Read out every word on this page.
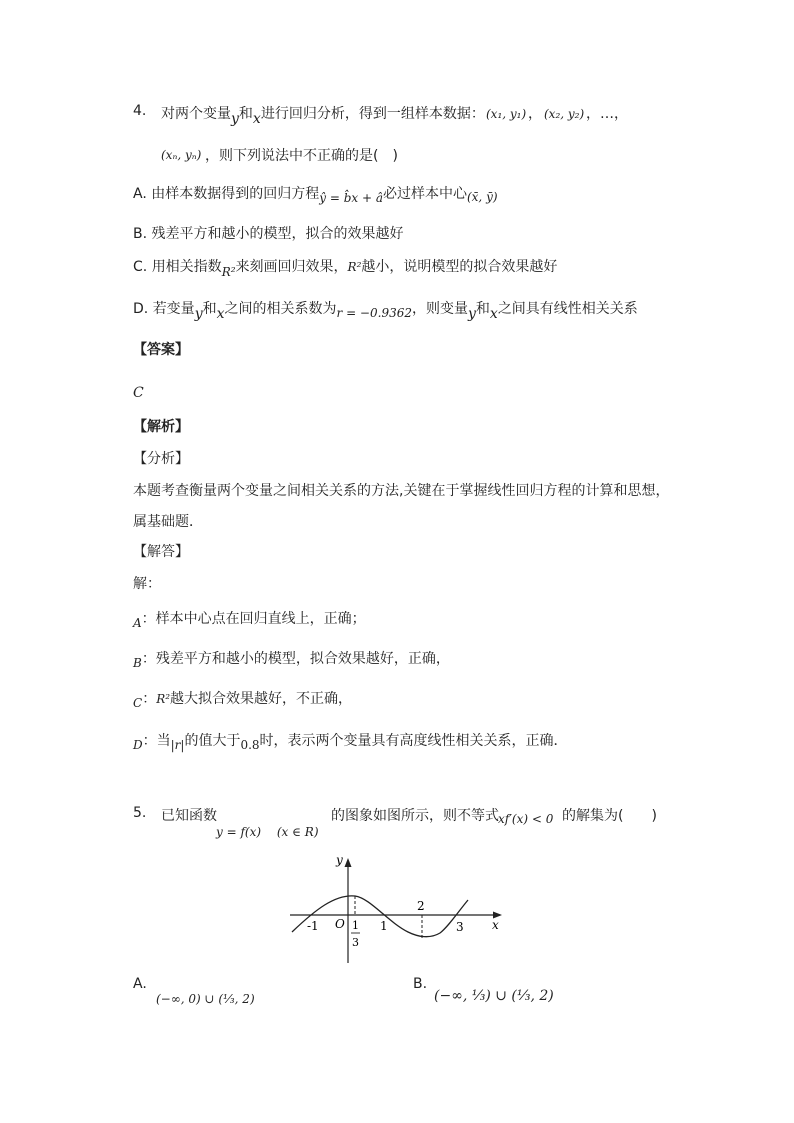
4. 对两个变量y和x进行回归分析，得到一组样本数据： (x₁, y₁) ， (x₂, y₂) ，…，
(xₙ, yₙ) ，则下列说法中不正确的是(　)
A. 由样本数据得到的回归方程ŷ = b̂x + â必过样本中心(x̄, ȳ)
B. 残差平方和越小的模型，拟合的效果越好
C. 用相关指数R²来刻画回归效果，R²越小，说明模型的拟合效果越好
D. 若变量y和x之间的相关系数为r = −0.9362，则变量y和x之间具有线性相关关系
【答案】
C
【解析】
【分析】
本题考查衡量两个变量之间相关关系的方法,关键在于掌握线性回归方程的计算和思想，
属基础题．
【解答】
解：
A：样本中心点在回归直线上，正确；
B：残差平方和越小的模型，拟合效果越好，正确，
C：R²越大拟合效果越好，不正确，
D：当|r|的值大于0.8时，表示两个变量具有高度线性相关关系，正确．
5. 已知函数
y = f(x)　 (x ∈ R)
的图象如图所示，则不等式 xf′(x) < 0 的解集为(　　)
y
x
O
-1	1
2
3
1
3
A.
(−∞, 0) ∪ (⅓, 2)
B.
(−∞, ⅓) ∪ (⅓, 2)
